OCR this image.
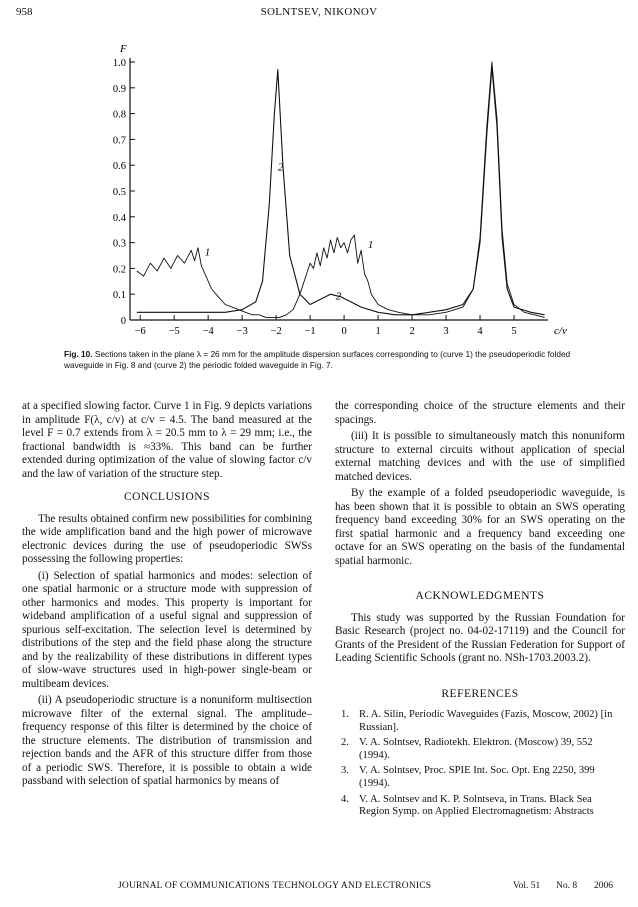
958	SOLNTSEV, NIKONOV
F
c/v
0
0.1
0.2
0.3
0.4
0.5
0.6
0.7
0.8
0.9
1.0
−6 −5 −4 −3 −2 −1 0	1	2	3	4	5
1
1
2
2
Fig. 10. Sections taken in the plane λ = 26 mm for the amplitude dispersion surfaces corresponding to (curve 1) the pseudoperiodic folded waveguide in Fig. 8 and (curve 2) the periodic folded waveguide in Fig. 7.

at a specified slowing factor. Curve 1 in Fig. 9 depicts variations in amplitude F(λ, c/v) at c/v = 4.5. The band measured at the level F = 0.7 extends from λ = 20.5 mm to λ = 29 mm; i.e., the fractional bandwidth is ≈33%. This band can be further extended during optimization of the value of slowing factor c/v and the law of variation of the structure step.

CONCLUSIONS

The results obtained confirm new possibilities for combining the wide amplification band and the high power of microwave electronic devices during the use of pseudoperiodic SWSs possessing the following properties:

(i) Selection of spatial harmonics and modes: selection of one spatial harmonic or a structure mode with suppression of other harmonics and modes. This property is important for wideband amplification of a useful signal and suppression of spurious self-excitation. The selection level is determined by distributions of the step and the field phase along the structure and by the realizability of these distributions in different types of slow-wave structures used in high-power single-beam or multibeam devices.

(ii) A pseudoperiodic structure is a nonuniform multisection microwave filter of the external signal. The amplitude–frequency response of this filter is determined by the choice of the structure elements. The distribution of transmission and rejection bands and the AFR of this structure differ from those of a periodic SWS. Therefore, it is possible to obtain a wide passband with selection of spatial harmonics by means of

the corresponding choice of the structure elements and their spacings.

(iii) It is possible to simultaneously match this nonuniform structure to external circuits without application of special external matching devices and with the use of simplified matched devices.

By the example of a folded pseudoperiodic waveguide, is has been shown that it is possible to obtain an SWS operating frequency band exceeding 30% for an SWS operating on the first spatial harmonic and a frequency band exceeding one octave for an SWS operating on the basis of the fundamental spatial harmonic.

ACKNOWLEDGMENTS

This study was supported by the Russian Foundation for Basic Research (project no. 04-02-17119) and the Council for Grants of the President of the Russian Federation for Support of Leading Scientific Schools (grant no. NSh-1703.2003.2).

REFERENCES
1. R. A. Silin, Periodic Waveguides (Fazis, Moscow, 2002) [in Russian].
2. V. A. Solntsev, Radiotekh. Elektron. (Moscow) 39, 552 (1994).
3. V. A. Solntsev, Proc. SPIE Int. Soc. Opt. Eng 2250, 399 (1994).
4. V. A. Solntsev and K. P. Solntseva, in Trans. Black Sea Region Symp. on Applied Electromagnetism: Abstracts
JOURNAL OF COMMUNICATIONS TECHNOLOGY AND ELECTRONICS	Vol. 51 No. 8 2006
